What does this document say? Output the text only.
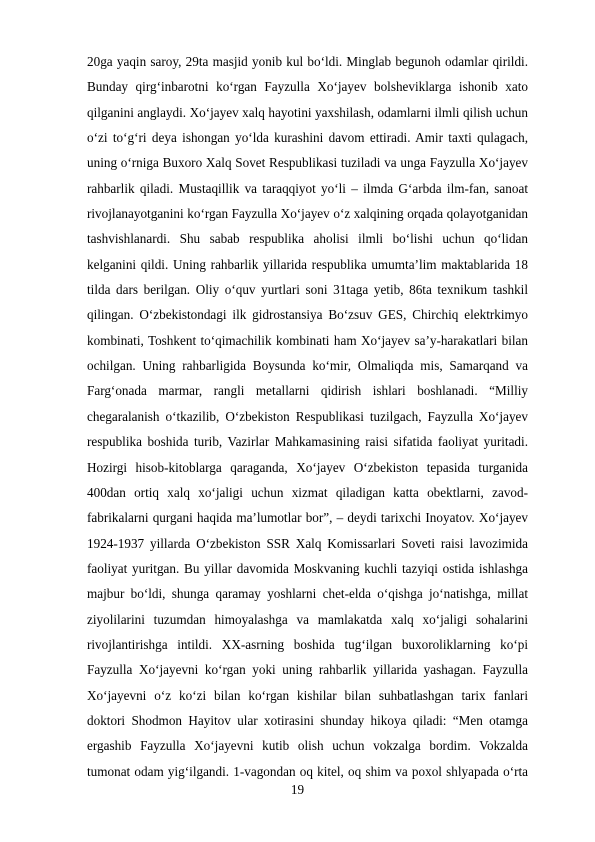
20ga yaqin saroy, 29ta masjid yonib kul bo‘ldi. Minglab begunoh odamlar qirildi.
Bunday qirg‘inbarotni ko‘rgan Fayzulla Xo‘jayev bolsheviklarga ishonib xato
qilganini anglaydi. Xo‘jayev xalq hayotini yaxshilash, odamlarni ilmli qilish uchun
o‘zi to‘g‘ri deya ishongan yo‘lda kurashini davom ettiradi. Amir taxti qulagach,
uning o‘rniga Buxoro Xalq Sovet Respublikasi tuziladi va unga Fayzulla Xo‘jayev
rahbarlik qiladi. Mustaqillik va taraqqiyot yo‘li – ilmda G‘arbda ilm-fan, sanoat
rivojlanayotganini ko‘rgan Fayzulla Xo‘jayev o‘z xalqining orqada qolayotganidan
tashvishlanardi. Shu sabab respublika aholisi ilmli bo‘lishi uchun qo‘lidan
kelganini qildi. Uning rahbarlik yillarida respublika umumta’lim maktablarida 18
tilda dars berilgan. Oliy o‘quv yurtlari soni 31taga yetib, 86ta texnikum tashkil
qilingan. O‘zbekistondagi ilk gidrostansiya Bo‘zsuv GES, Chirchiq elektrkimyo
kombinati, Toshkent to‘qimachilik kombinati ham Xo‘jayev sa’y-harakatlari bilan
ochilgan. Uning rahbarligida Boysunda ko‘mir, Olmaliqda mis, Samarqand va
Farg‘onada marmar, rangli metallarni qidirish ishlari boshlanadi. “Milliy
chegaralanish o‘tkazilib, O‘zbekiston Respublikasi tuzilgach, Fayzulla Xo‘jayev
respublika boshida turib, Vazirlar Mahkamasining raisi sifatida faoliyat yuritadi.
Hozirgi hisob-kitoblarga qaraganda, Xo‘jayev O‘zbekiston tepasida turganida
400dan ortiq xalq xo‘jaligi uchun xizmat qiladigan katta obektlarni, zavod-
fabrikalarni qurgani haqida ma’lumotlar bor”, – deydi tarixchi Inoyatov. Xo‘jayev
1924-1937 yillarda O‘zbekiston SSR Xalq Komissarlari Soveti raisi lavozimida
faoliyat yuritgan. Bu yillar davomida Moskvaning kuchli tazyiqi ostida ishlashga
majbur bo‘ldi, shunga qaramay yoshlarni chet-elda o‘qishga jo‘natishga, millat
ziyolilarini tuzumdan himoyalashga va mamlakatda xalq xo‘jaligi sohalarini
rivojlantirishga intildi. XX-asrning boshida tug‘ilgan buxoroliklarning ko‘pi
Fayzulla Xo‘jayevni ko‘rgan yoki uning rahbarlik yillarida yashagan. Fayzulla
Xo‘jayevni o‘z ko‘zi bilan ko‘rgan kishilar bilan suhbatlashgan tarix fanlari
doktori Shodmon Hayitov ular xotirasini shunday hikoya qiladi: “Men otamga
ergashib Fayzulla Xo‘jayevni kutib olish uchun vokzalga bordim. Vokzalda
tumonat odam yig‘ilgandi. 1-vagondan oq kitel, oq shim va poxol shlyapada o‘rta
19
